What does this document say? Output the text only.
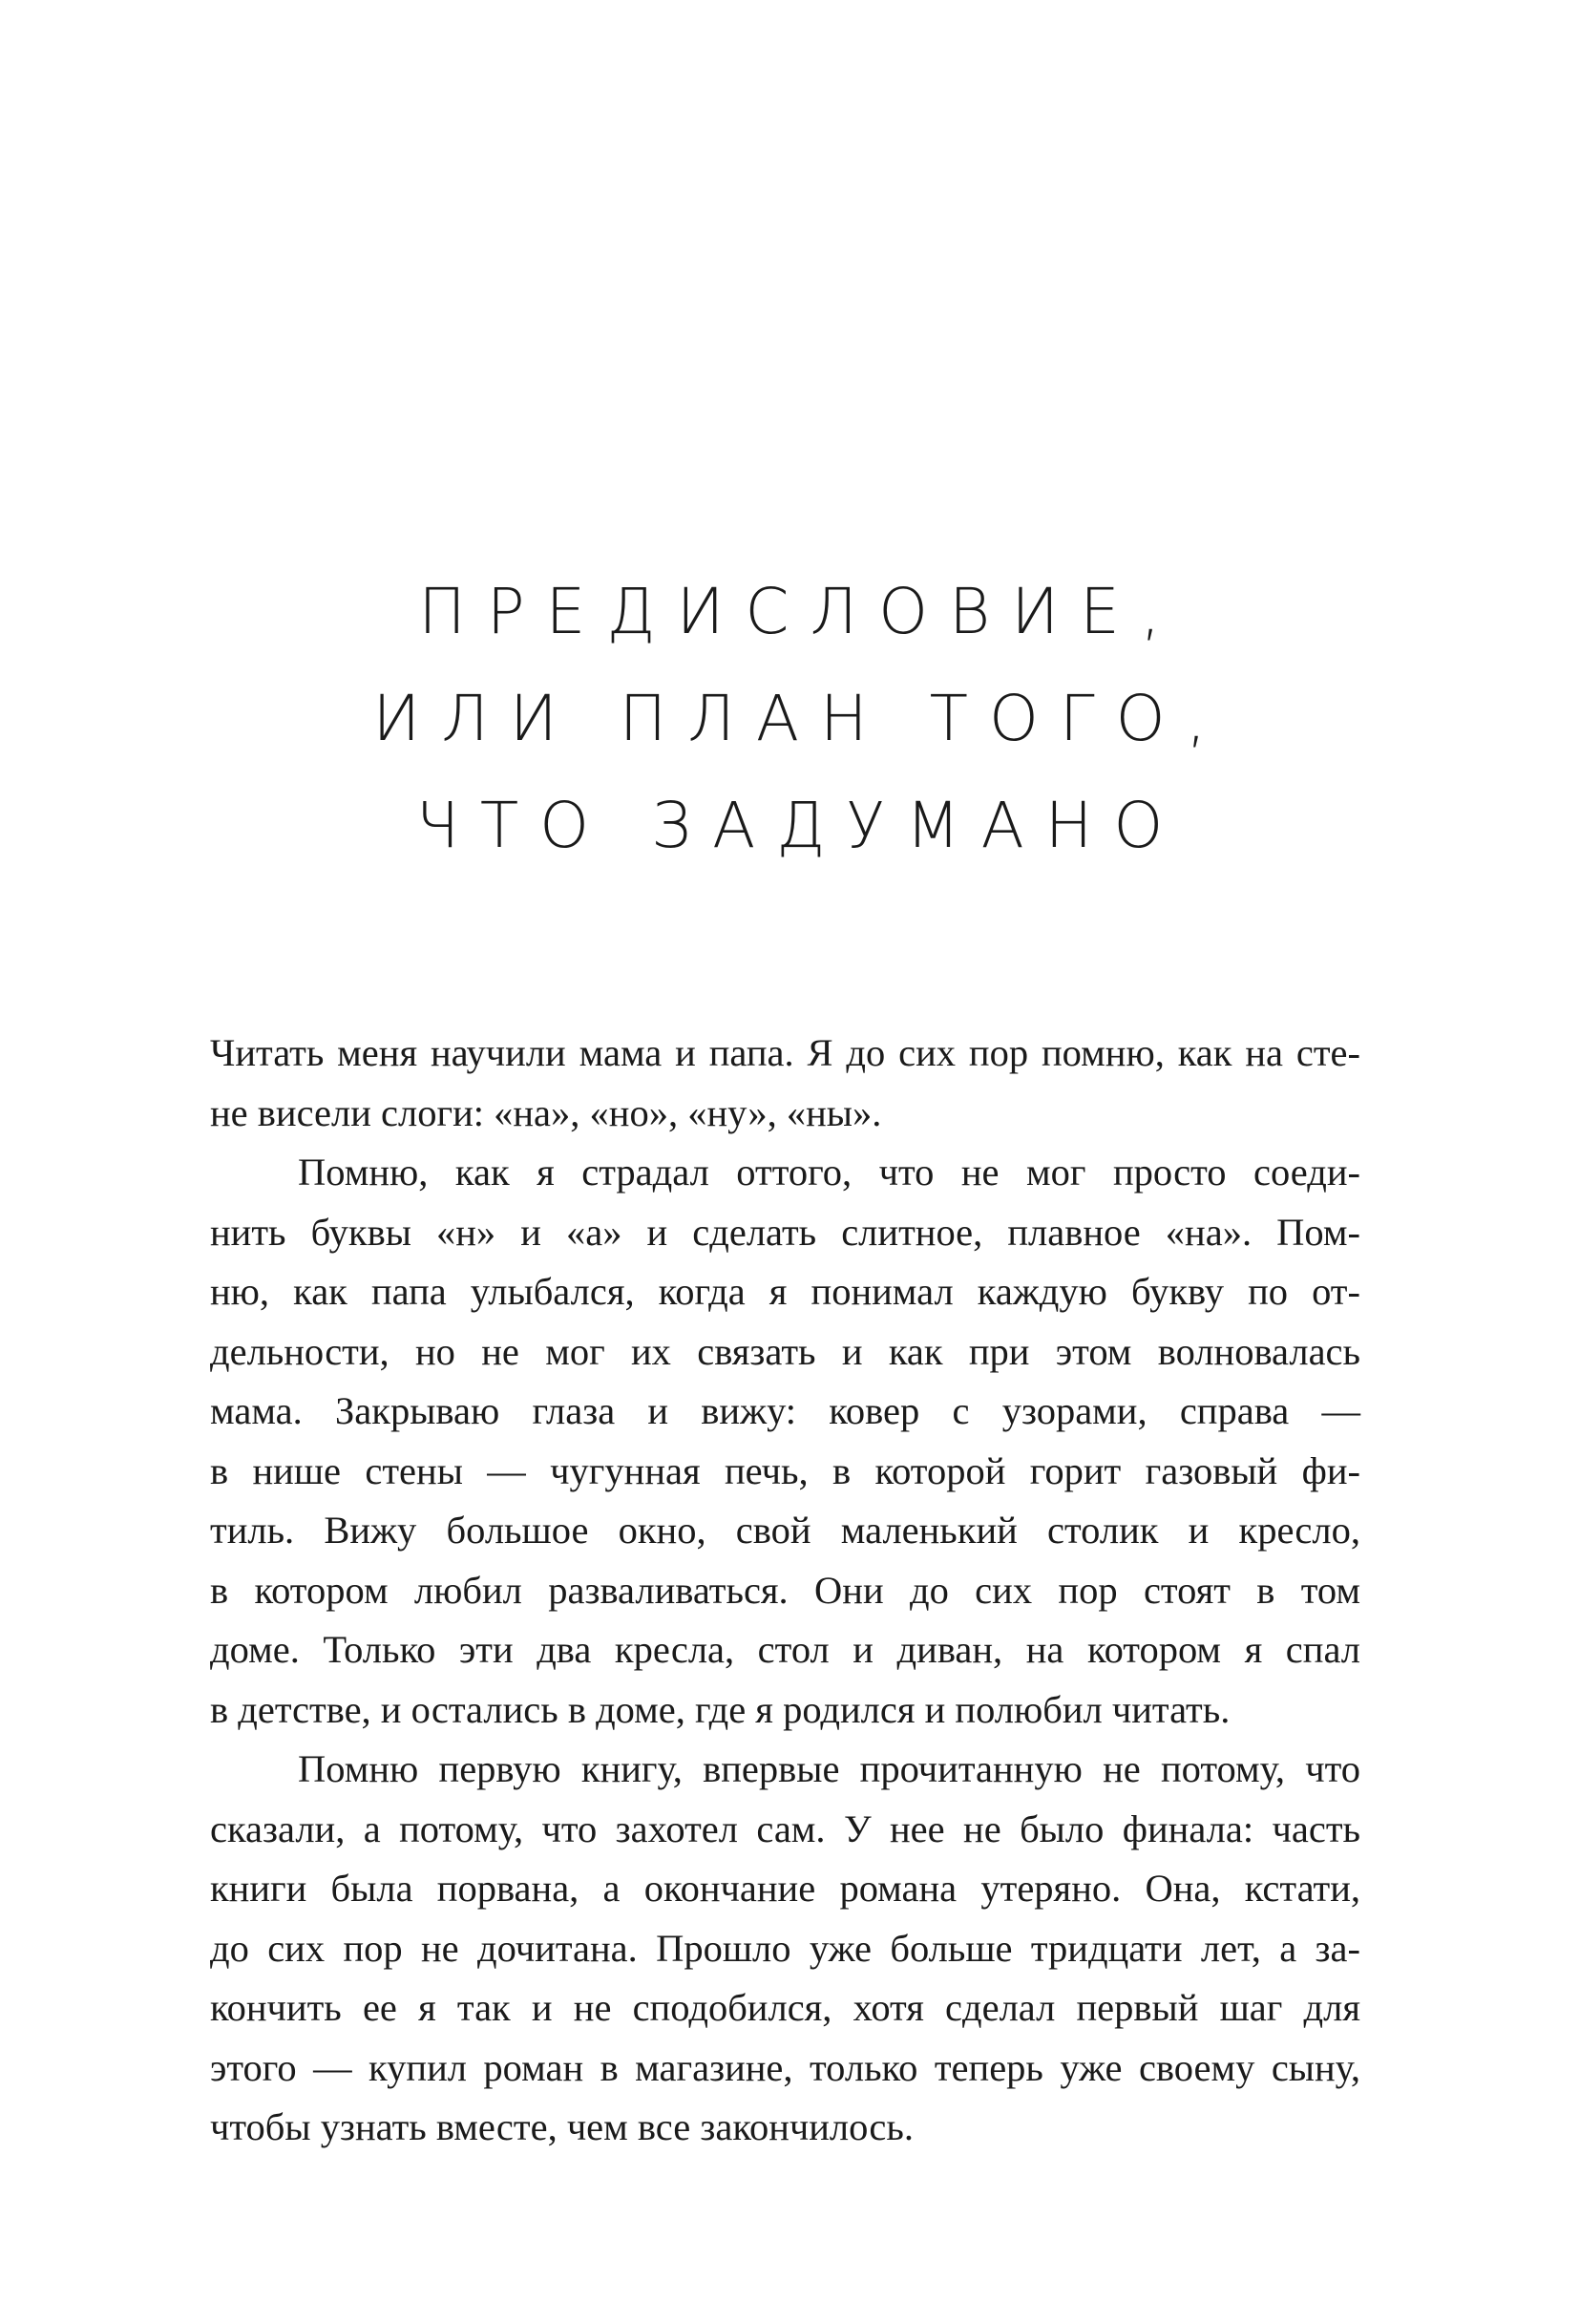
ПРЕДИСЛОВИЕ,
ИЛИ ПЛАН ТОГО,
ЧТО ЗАДУМАНО

Читать меня научили мама и папа. Я до сих пор помню, как на сте-
не висели слоги: «на», «но», «ну», «ны».

Помню, как я страдал оттого, что не мог просто соеди-
нить буквы «н» и «а» и сделать слитное, плавное «на». Пом-
ню, как папа улыбался, когда я понимал каждую букву по от-
дельности, но не мог их связать и как при этом волновалась
мама. Закрываю глаза и вижу: ковер с узорами, справа —
в нише стены — чугунная печь, в которой горит газовый фи-
тиль. Вижу большое окно, свой маленький столик и кресло,
в котором любил разваливаться. Они до сих пор стоят в том
доме. Только эти два кресла, стол и диван, на котором я спал
в детстве, и остались в доме, где я родился и полюбил читать.

Помню первую книгу, впервые прочитанную не потому, что
сказали, а потому, что захотел сам. У нее не было финала: часть
книги была порвана, а окончание романа утеряно. Она, кстати,
до сих пор не дочитана. Прошло уже больше тридцати лет, а за-
кончить ее я так и не сподобился, хотя сделал первый шаг для
этого — купил роман в магазине, только теперь уже своему сыну,
чтобы узнать вместе, чем все закончилось.
